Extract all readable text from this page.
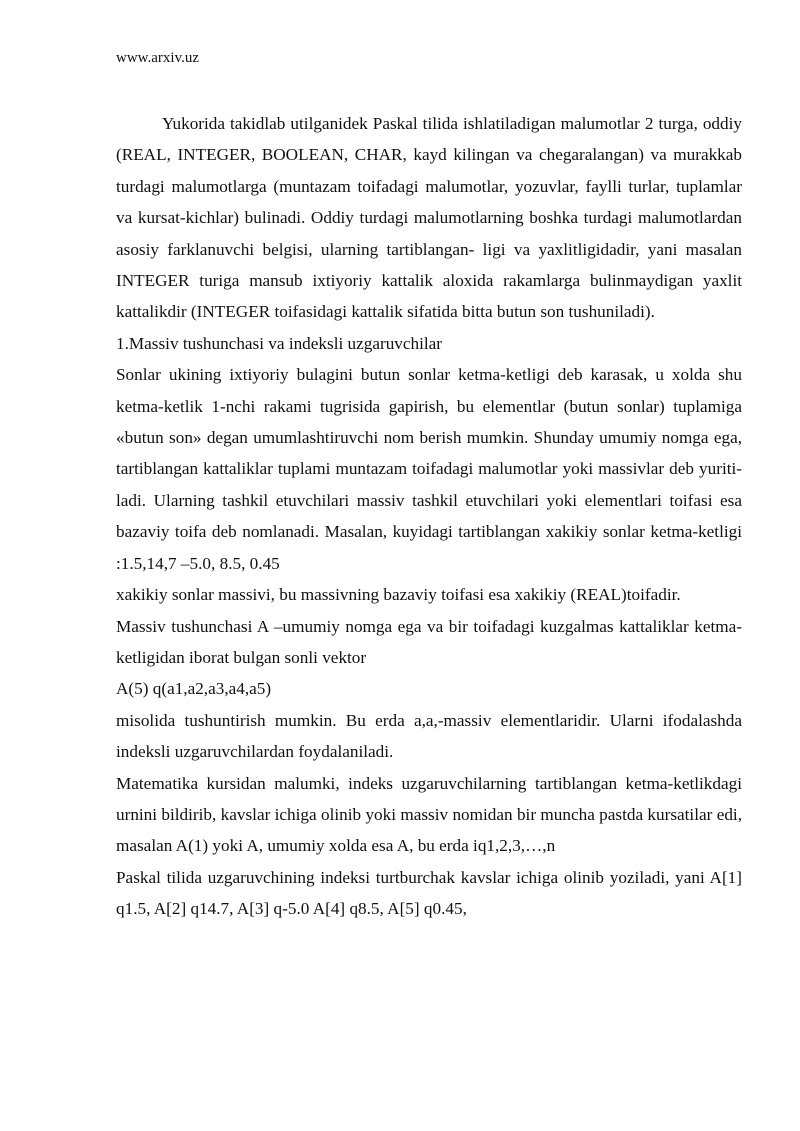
www.arxiv.uz

Yukorida takidlab utilganidek Paskal tilida ishlatiladigan malumotlar 2 turga, oddiy (REAL, INTEGER, BOOLEAN, CHAR, kayd kilingan va chegaralangan) va murakkab turdagi malumotlarga (muntazam toifadagi malumotlar, yozuvlar, faylli turlar, tuplamlar va kursat-kichlar) bulinadi. Oddiy turdagi malumotlarning boshka turdagi malumotlardan asosiy farklanuvchi belgisi, ularning tartiblangan- ligi va yaxlitligidadir, yani masalan INTEGER turiga mansub ixtiyoriy kattalik aloxida rakamlarga bulinmaydigan yaxlit kattalikdir (INTEGER toifasidagi kattalik sifatida bitta butun son tushuniladi).

1.Massiv tushunchasi va indeksli uzgaruvchilar

Sonlar ukining ixtiyoriy bulagini butun sonlar ketma-ketligi deb karasak, u xolda shu ketma-ketlik 1-nchi rakami tugrisida gapirish, bu elementlar (butun sonlar) tuplamiga «butun son» degan umumlashtiruvchi nom berish mumkin. Shunday umumiy nomga ega, tartiblangan kattaliklar tuplami muntazam toifadagi malumotlar yoki massivlar deb yuriti-ladi. Ularning tashkil etuvchilari massiv tashkil etuvchilari yoki elementlari toifasi esa bazaviy toifa deb nomlanadi. Masalan, kuyidagi tartiblangan xakikiy sonlar ketma-ketligi :1.5,14,7 –5.0, 8.5, 0.45

xakikiy sonlar massivi, bu massivning bazaviy toifasi esa xakikiy (REAL)toifadir.

Massiv tushunchasi A –umumiy nomga ega va bir toifadagi kuzgalmas kattaliklar ketma-ketligidan iborat bulgan sonli vektor

A(5) q(a1,a2,a3,a4,a5)

misolida tushuntirish mumkin. Bu erda a,a,-massiv elementlaridir. Ularni ifodalashda indeksli uzgaruvchilardan foydalaniladi.

Matematika kursidan malumki, indeks uzgaruvchilarning tartiblangan ketma-ketlikdagi urnini bildirib, kavslar ichiga olinib yoki massiv nomidan bir muncha pastda kursatilar edi, masalan A(1) yoki A, umumiy xolda esa A, bu erda iq1,2,3,…,n

Paskal tilida uzgaruvchining indeksi turtburchak kavslar ichiga olinib yoziladi, yani A[1] q1.5, A[2] q14.7, A[3] q-5.0 A[4] q8.5, A[5] q0.45,
